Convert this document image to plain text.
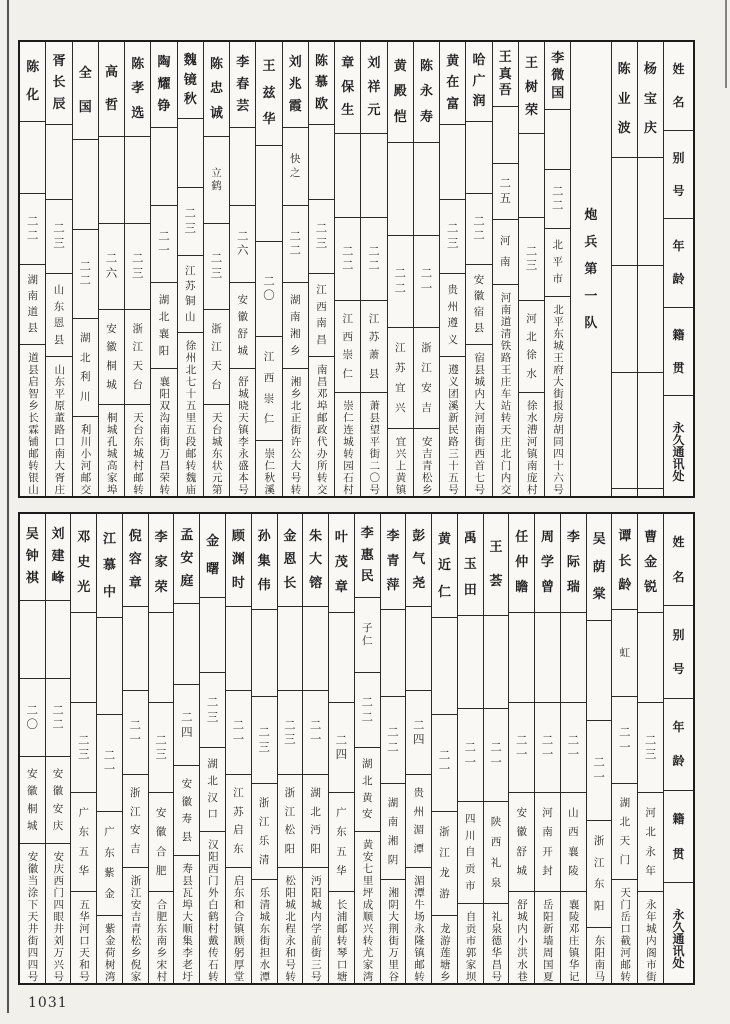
姓
名
别
号
年
龄
籍
贯
永
久
通
讯
处
杨
宝
庆
陈
业
波
炮
兵
第
一
队
李
微
国
二
二
北
平
市
北平东城王府大街报房胡同四十六号
王
树
荣
二
三
河
北
徐
水
徐水漕河镇南庞村
王
真
吾
二
五
河
南
河南道清铁路王庄车站转天庄北门内交
哈
广
润
二
二
安
徽
宿
县
宿县城内大河南街西首七号
黄
在
富
二
三
贵
州
遵
义
遵义团溪新民路三十五号
陈
永
寿
二
一
浙
江
安
吉
安吉青松乡
黄
殿
恺
二
二
江
苏
宜
兴
宜兴上黄镇
刘
祥
元
二
二
江
苏
萧
县
萧县望平街二〇号
章
保
生
二
二
江
西
崇
仁
崇仁连城转园石村
陈
慕
欧
二
三
江
西
南
昌
南昌邓埠邮政代办所转交
刘
兆
霞
快
之
二
二
湖
南
湘
乡
湘乡北正街许公大号转
王
兹
华
二
〇
江
西
崇
仁
崇仁秋溪
李
春
芸
二
六
安
徽
舒
城
舒城晓天镇李永盛本号
陈
忠
诚
立
鹤
二
三
浙
江
天
台
天台城东状元第
魏
镜
秋
二
三
江
苏
铜
山
徐州北七十五里五段邮转魏庙
陶
耀
铮
二
一
湖
北
襄
阳
襄阳双沟南街万昌荣转
陈
孝
选
二
三
浙
江
天
台
天台东城村邮转
高
哲
二
六
安
徽
桐
城
桐城孔城高家埠
全
国
二
二
湖
北
利
川
利川小河邮交
胥
长
辰
二
三
山
东
恩
县
山东平原董路口南大胥庄
陈
化
二
二
湖
南
道
县
道县启智乡长霖铺邮转银山
姓
名
别
号
年
龄
籍
贯
永
久
通
讯
处
曹
金
锐
二
三
河
北
永
年
永年城内阁市街
谭
长
龄
虹
二
一
湖
北
天
门
天门岳口截河邮转
吴
荫
棠
二
一
浙
江
东
阳
东阳南马
李
际
瑞
二
一
山
西
襄
陵
襄陵邓庄镇华记
周
学
曾
二
一
河
南
开
封
岳阳新墙周国夏
任
仲
瞻
二
一
安
徽
舒
城
舒城内小洪水巷
王
荟
二
一
陕
西
礼
泉
礼泉德华昌号
禹
玉
田
二
一
四
川
自
贡
市
自贡市郭家坝
黄
近
仁
二
一
浙
江
龙
游
龙游莲塘乡
彭
气
尧
二
四
贵
州
湄
潭
湄潭牛场永隆镇邮转
李
青
萍
二
二
湖
南
湘
阴
湘阴大荆街万里谷
李
惠
民
子
仁
二
二
湖
北
黄
安
黄安七里坪成顺兴转尤家湾
叶
茂
章
二
四
广
东
五
华
长浦邮转琴口塘
朱
大
镕
二
一
湖
北
沔
阳
沔阳城内学前街三号
金
恩
长
二
三
浙
江
松
阳
松阳城北程永和号转
孙
集
伟
二
三
浙
江
乐
清
乐清城东街担水潭
顾
渊
时
二
一
江
苏
启
东
启东和合镇顾躬厚堂
金
曙
二
三
湖
北
汉
口
汉阳西门外白鹤村戴传石转
孟
安
庭
二
四
安
徽
寿
县
寿县瓦埠大顺集李老圩
李
家
荣
二
三
安
徽
合
肥
合肥东南乡宋村
倪
容
章
二
一
浙
江
安
吉
浙江安吉青松乡倪家
江
慕
中
二
一
广
东
紫
金
紫金荷树湾
邓
史
光
二
三
广
东
五
华
五华河口天和号
刘
建
峰
二
二
安
徽
安
庆
安庆西门四眼井刘万兴号
吴
钟
祺
二
〇
安
徽
桐
城
安徽当涂下天井街四四号
1031
